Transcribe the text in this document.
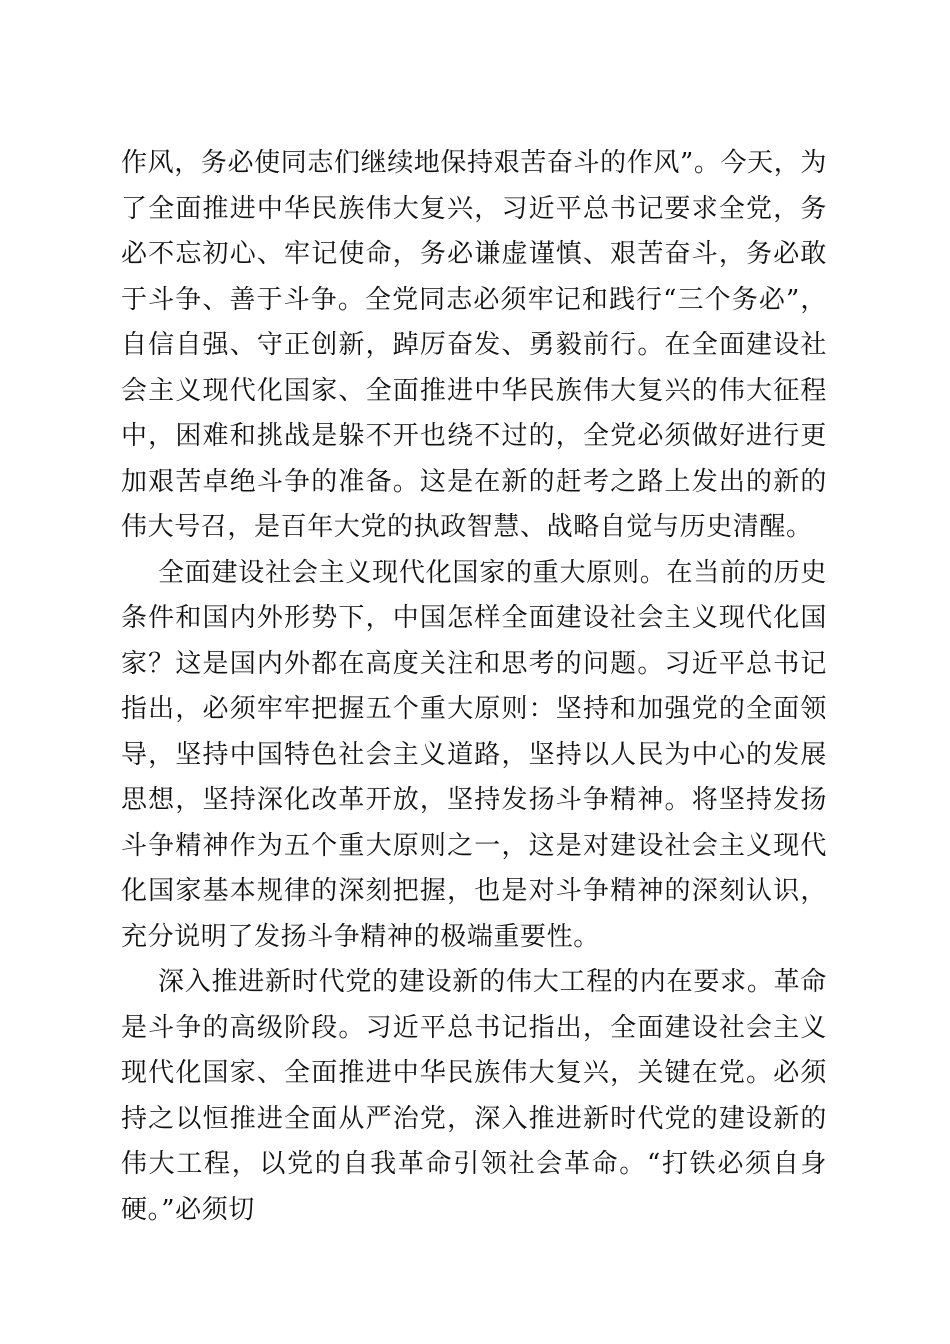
作风，务必使同志们继续地保持艰苦奋斗的作风”。今天，为了全面推进中华民族伟大复兴，习近平总书记要求全党，务必不忘初心、牢记使命，务必谦虚谨慎、艰苦奋斗，务必敢于斗争、善于斗争。全党同志必须牢记和践行“三个务必”，自信自强、守正创新，踔厉奋发、勇毅前行。在全面建设社会主义现代化国家、全面推进中华民族伟大复兴的伟大征程中，困难和挑战是躲不开也绕不过的，全党必须做好进行更加艰苦卓绝斗争的准备。这是在新的赶考之路上发出的新的伟大号召，是百年大党的执政智慧、战略自觉与历史清醒。

全面建设社会主义现代化国家的重大原则。在当前的历史条件和国内外形势下，中国怎样全面建设社会主义现代化国家？这是国内外都在高度关注和思考的问题。习近平总书记指出，必须牢牢把握五个重大原则：坚持和加强党的全面领导，坚持中国特色社会主义道路，坚持以人民为中心的发展思想，坚持深化改革开放，坚持发扬斗争精神。将坚持发扬斗争精神作为五个重大原则之一，这是对建设社会主义现代化国家基本规律的深刻把握，也是对斗争精神的深刻认识，充分说明了发扬斗争精神的极端重要性。

深入推进新时代党的建设新的伟大工程的内在要求。革命是斗争的高级阶段。习近平总书记指出，全面建设社会主义现代化国家、全面推进中华民族伟大复兴，关键在党。必须持之以恒推进全面从严治党，深入推进新时代党的建设新的伟大工程，以党的自我革命引领社会革命。“打铁必须自身硬。”必须切
